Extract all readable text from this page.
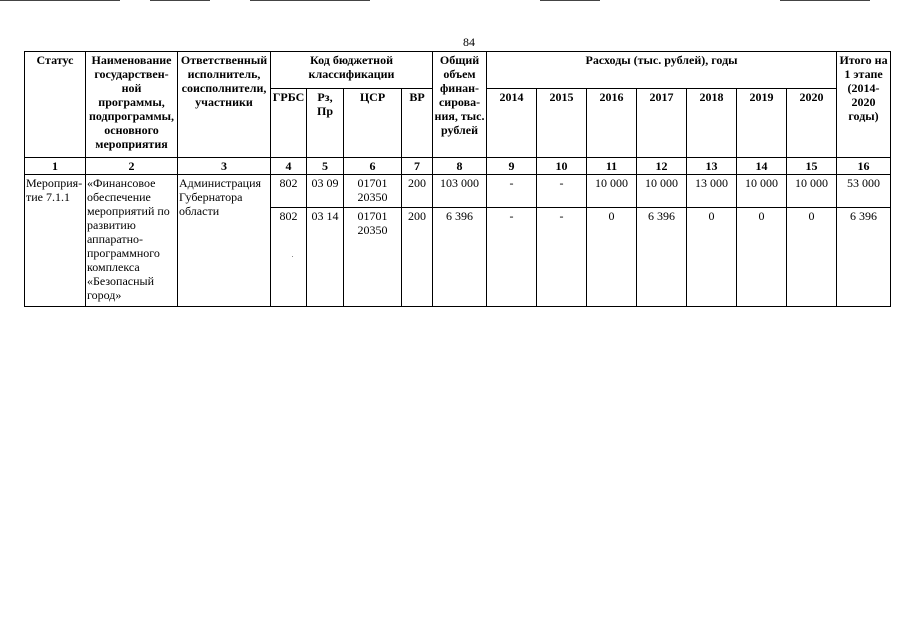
84
Статус	Наименование государствен-ной программы, подпрограммы, основного мероприятия	Ответственный исполнитель, соисполнители, участники	Код бюджетной классификации				Общий объем финан-сирова-ния, тыс. рублей	Расходы (тыс. рублей), годы							Итого на 1 этапе (2014-2020 годы)
			ГРБС	Рз, Пр	ЦСР	ВР		2014	2015	2016	2017	2018	2019	2020	
1	2	3	4	5	6	7	8	9	10	11	12	13	14	15	16
Мероприя-тие 7.1.1	«Финансовое обеспечение мероприятий по развитию аппаратно-программного комплекса «Безопасный город»	Администрация Губернатора области	802	03 09	01701 20350	200	103 000	-	-	10 000	10 000	13 000	10 000	10 000	53 000
			802	03 14	01701 20350	200	6 396	-	-	0	6 396	0	0	0	6 396
